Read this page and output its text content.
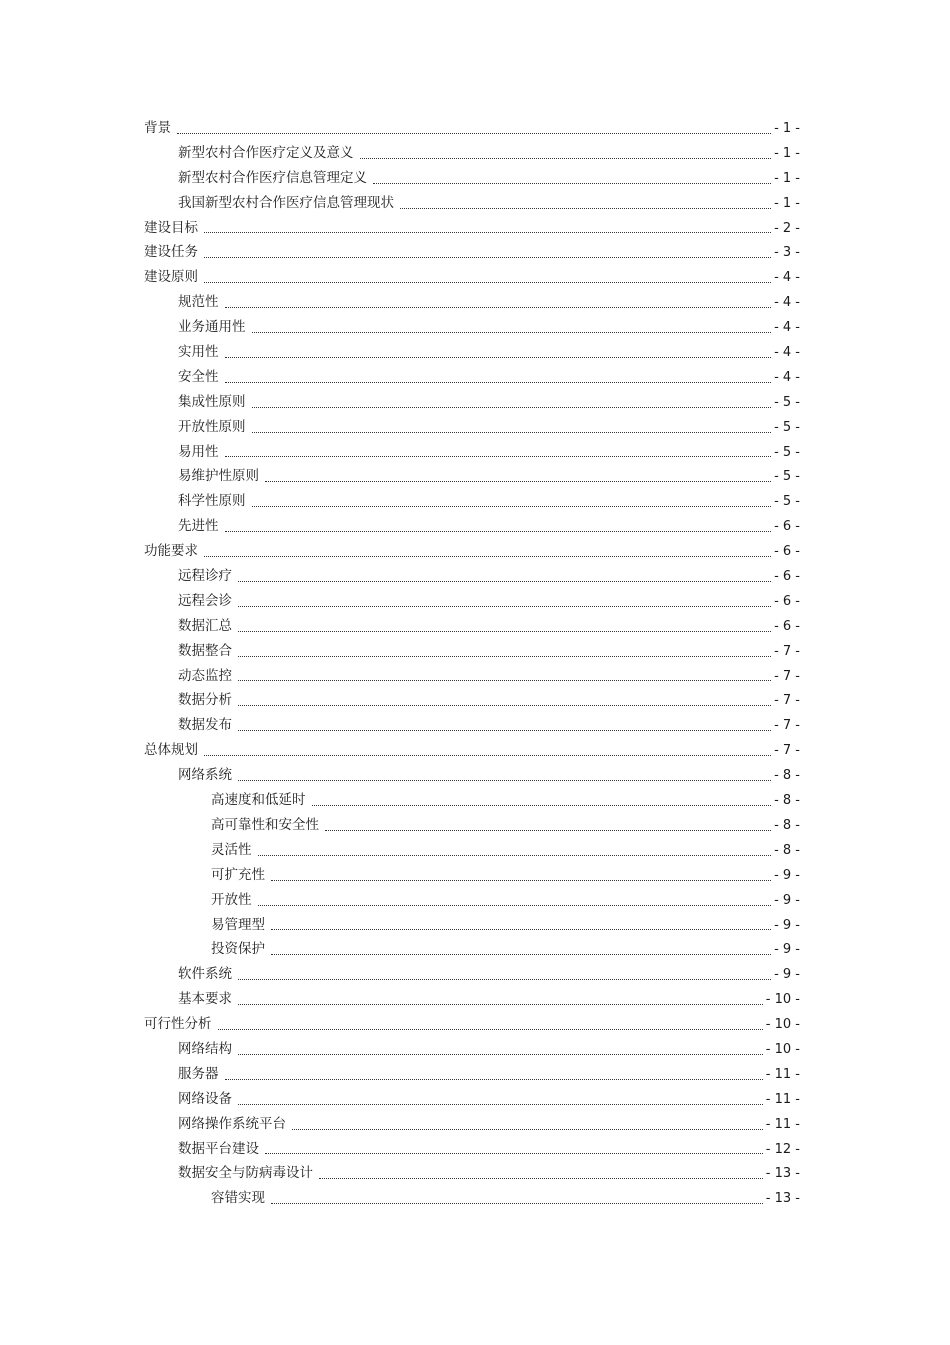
背景	- 1 -
新型农村合作医疗定义及意义	- 1 -
新型农村合作医疗信息管理定义	- 1 -
我国新型农村合作医疗信息管理现状	- 1 -
建设目标	- 2 -
建设任务	- 3 -
建设原则	- 4 -
规范性	- 4 -
业务通用性	- 4 -
实用性	- 4 -
安全性	- 4 -
集成性原则	- 5 -
开放性原则	- 5 -
易用性	- 5 -
易维护性原则	- 5 -
科学性原则	- 5 -
先进性	- 6 -
功能要求	- 6 -
远程诊疗	- 6 -
远程会诊	- 6 -
数据汇总	- 6 -
数据整合	- 7 -
动态监控	- 7 -
数据分析	- 7 -
数据发布	- 7 -
总体规划	- 7 -
网络系统	- 8 -
高速度和低延时	- 8 -
高可靠性和安全性	- 8 -
灵活性	- 8 -
可扩充性	- 9 -
开放性	- 9 -
易管理型	- 9 -
投资保护	- 9 -
软件系统	- 9 -
基本要求	- 10 -
可行性分析	- 10 -
网络结构	- 10 -
服务器	- 11 -
网络设备	- 11 -
网络操作系统平台	- 11 -
数据平台建设	- 12 -
数据安全与防病毒设计	- 13 -
容错实现	- 13 -
